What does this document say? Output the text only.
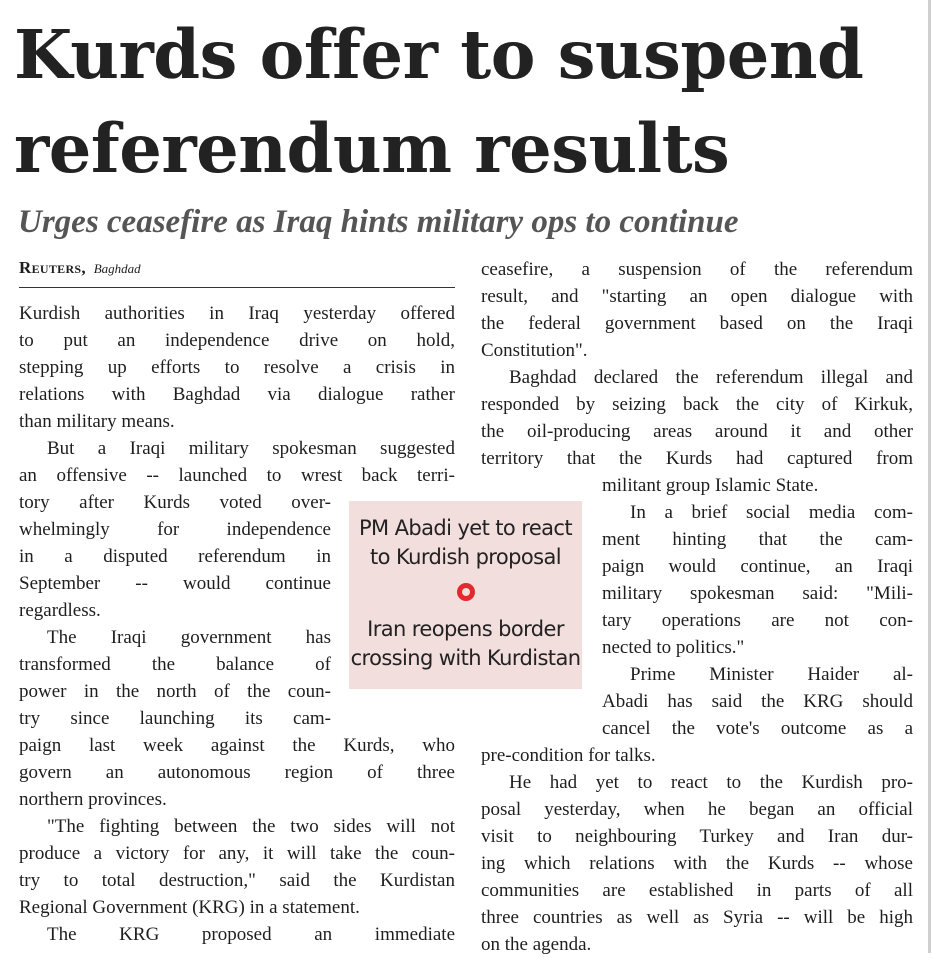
Kurds offer to suspend
referendum results
Urges ceasefire as Iraq hints military ops to continue
Reuters, Baghdad
Kurdish authorities in Iraq yesterday offered
to put an independence drive on hold,
stepping up efforts to resolve a crisis in
relations with Baghdad via dialogue rather
than military means.
But a Iraqi military spokesman suggested
an offensive -- launched to wrest back terri-
tory after Kurds voted over-
whelmingly for independence
in a disputed referendum in
September -- would continue
regardless.
The Iraqi government has
transformed the balance of
power in the north of the coun-
try since launching its cam-
paign last week against the Kurds, who
govern an autonomous region of three
northern provinces.
"The fighting between the two sides will not
produce a victory for any, it will take the coun-
try to total destruction," said the Kurdistan
Regional Government (KRG) in a statement.
The KRG proposed an immediate
ceasefire, a suspension of the referendum
result, and "starting an open dialogue with
the federal government based on the Iraqi
Constitution".
Baghdad declared the referendum illegal and
responded by seizing back the city of Kirkuk,
the oil-producing areas around it and other
territory that the Kurds had captured from
militant group Islamic State.
In a brief social media com-
ment hinting that the cam-
paign would continue, an Iraqi
military spokesman said: "Mili-
tary operations are not con-
nected to politics."
Prime Minister Haider al-
Abadi has said the KRG should
cancel the vote's outcome as a
pre-condition for talks.
He had yet to react to the Kurdish pro-
posal yesterday, when he began an official
visit to neighbouring Turkey and Iran dur-
ing which relations with the Kurds -- whose
communities are established in parts of all
three countries as well as Syria -- will be high
on the agenda.
PM Abadi yet to react
to Kurdish proposal
Iran reopens border
crossing with Kurdistan
